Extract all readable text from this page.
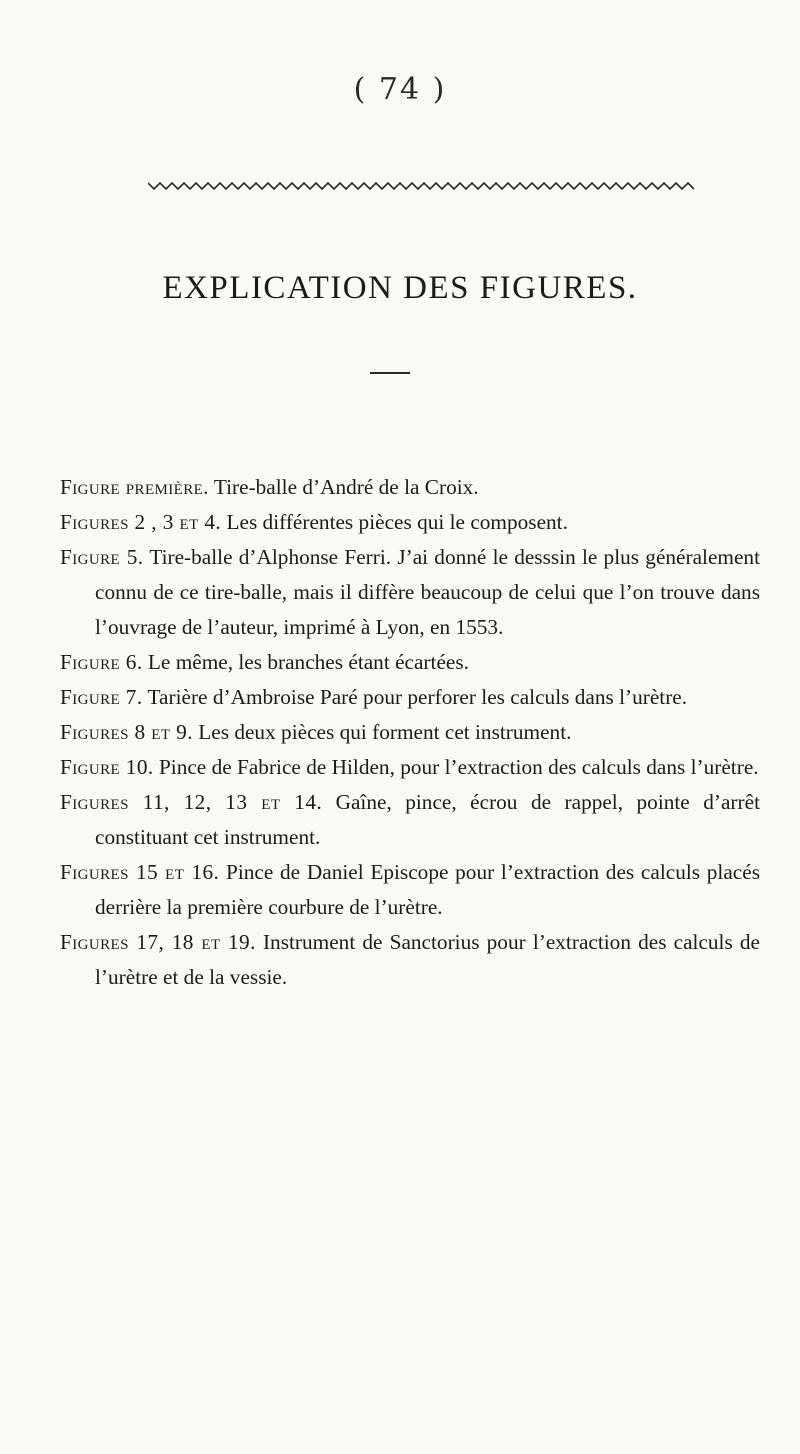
( 74 )
EXPLICATION DES FIGURES.
Figure première. Tire-balle d’André de la Croix.
Figures 2 , 3 et 4. Les différentes pièces qui le composent.
Figure 5. Tire-balle d’Alphonse Ferri. J’ai donné le desssin le plus généralement connu de ce tire-balle, mais il diffère beaucoup de celui que l’on trouve dans l’ouvrage de l’auteur, imprimé à Lyon, en 1553.
Figure 6. Le même, les branches étant écartées.
Figure 7. Tarière d’Ambroise Paré pour perforer les calculs dans l’urètre.
Figures 8 et 9. Les deux pièces qui forment cet instrument.
Figure 10. Pince de Fabrice de Hilden, pour l’extraction des calculs dans l’urètre.
Figures 11, 12, 13 et 14. Gaîne, pince, écrou de rappel, pointe d’arrêt constituant cet instrument.
Figures 15 et 16. Pince de Daniel Episcope pour l’extraction des calculs placés derrière la première courbure de l’urètre.
Figures 17, 18 et 19. Instrument de Sanctorius pour l’extraction des calculs de l’urètre et de la vessie.
